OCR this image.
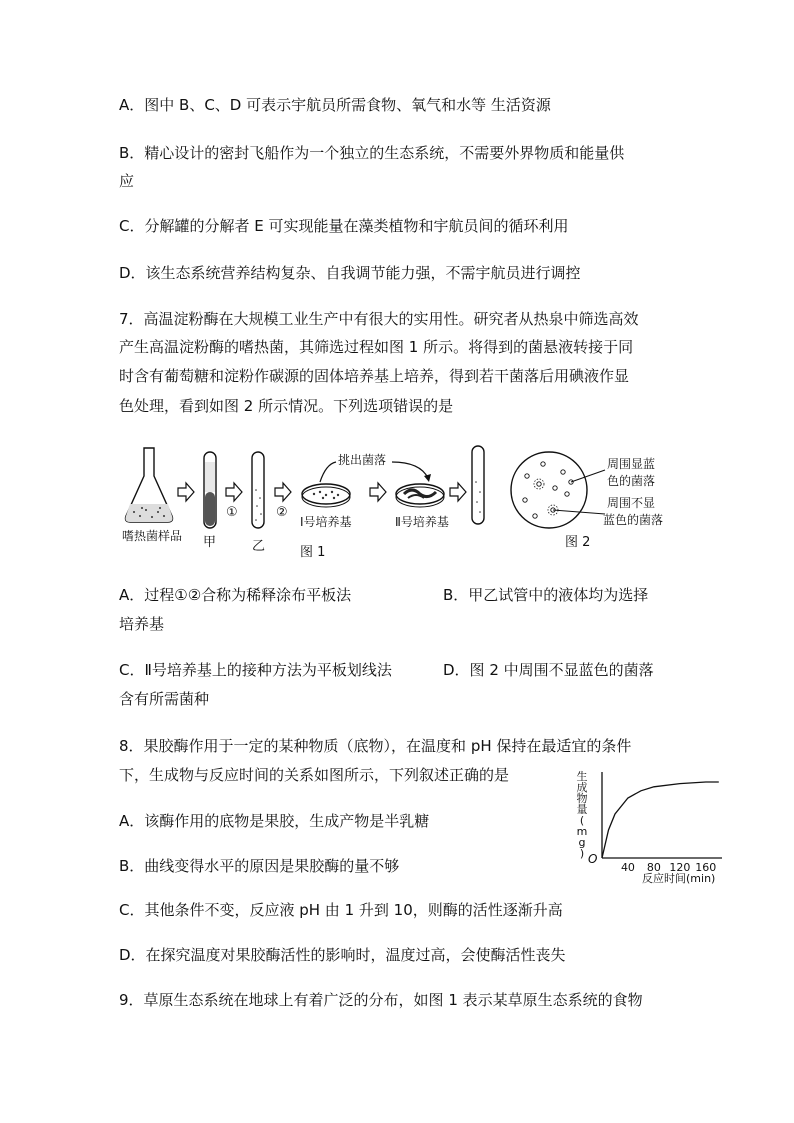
A．图中 B、C、D 可表示宇航员所需食物、氧气和水等 生活资源
B．精心设计的密封飞船作为一个独立的生态系统，不需要外界物质和能量供
应
C．分解罐的分解者 E 可实现能量在藻类植物和宇航员间的循环利用
D．该生态系统营养结构复杂、自我调节能力强，不需宇航员进行调控
7．高温淀粉酶在大规模工业生产中有很大的实用性。研究者从热泉中筛选高效
产生高温淀粉酶的嗜热菌，其筛选过程如图 1 所示。将得到的菌悬液转接于同
时含有葡萄糖和淀粉作碳源的固体培养基上培养，得到若干菌落后用碘液作显
色处理，看到如图 2 所示情况。下列选项错误的是
嗜热菌样品 甲
①
乙
②
挑出菌落
Ⅰ号培养基	Ⅱ号培养基
图 1
周围显蓝
色的菌落
周围不显
蓝色的菌落
图 2
A．过程①②合称为稀释涂布平板法	B．甲乙试管中的液体均为选择
培养基
C．Ⅱ号培养基上的接种方法为平板划线法	D．图 2 中周围不显蓝色的菌落
含有所需菌种
8．果胶酶作用于一定的某种物质（底物），在温度和 pH 保持在最适宜的条件
下，生成物与反应时间的关系如图所示，下列叙述正确的是
A．该酶作用的底物是果胶，生成产物是半乳糖
B．曲线变得水平的原因是果胶酶的量不够
C．其他条件不变，反应液 pH 由 1 升到 10，则酶的活性逐渐升高
D．在探究温度对果胶酶活性的影响时，温度过高，会使酶活性丧失
生成物量( m g ) O
40 80 120 160
反应时间(min)
9．草原生态系统在地球上有着广泛的分布，如图 1 表示某草原生态系统的食物
